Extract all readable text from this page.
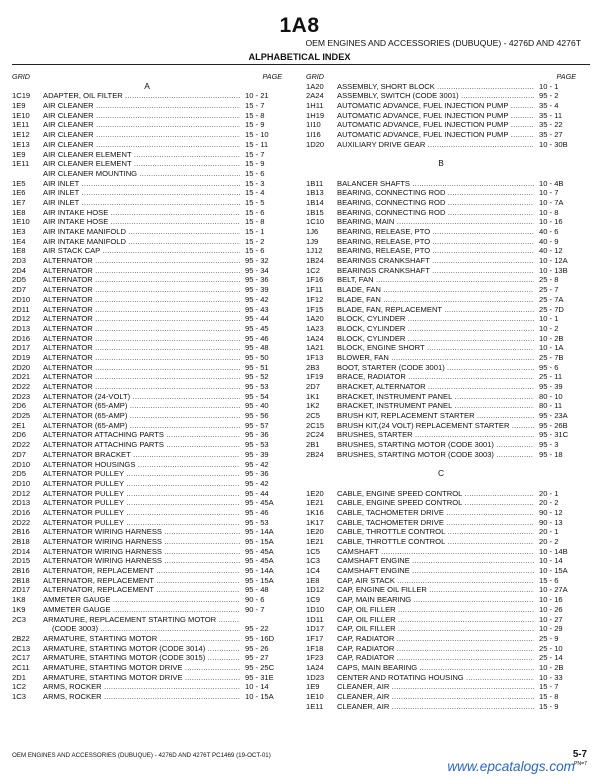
1A8
OEM ENGINES AND ACCESSORIES (DUBUQUE) - 4276D AND 4276T
ALPHABETICAL INDEX
GRID	PAGE
A
1C19	ADAPTER, OIL FILTER .....	10 - 21
1E9	AIR CLEANER .....	15 - 7
1E10	AIR CLEANER .....	15 - 8
1E11	AIR CLEANER .....	15 - 9
1E12	AIR CLEANER .....	15 - 10
1E13	AIR CLEANER .....	15 - 11
1E9	AIR CLEANER ELEMENT .....	15 - 7
1E11	AIR CLEANER ELEMENT .....	15 - 9
AIR CLEANER MOUNTING .....	15 - 6
1E5	AIR INLET .....	15 - 3
1E6	AIR INLET .....	15 - 4
1E7	AIR INLET .....	15 - 5
1E8	AIR INTAKE HOSE .....	15 - 6
1E10	AIR INTAKE HOSE .....	15 - 8
1E3	AIR INTAKE MANIFOLD .....	15 - 1
1E4	AIR INTAKE MANIFOLD .....	15 - 2
1E8	AIR STACK CAP .....	15 - 6
2D3	ALTERNATOR .....	95 - 32
2D4	ALTERNATOR .....	95 - 34
2D5	ALTERNATOR .....	95 - 36
2D7	ALTERNATOR .....	95 - 39
2D10	ALTERNATOR .....	95 - 42
2D11	ALTERNATOR .....	95 - 43
2D12	ALTERNATOR .....	95 - 44
2D13	ALTERNATOR .....	95 - 45
2D16	ALTERNATOR .....	95 - 46
2D17	ALTERNATOR .....	95 - 48
2D19	ALTERNATOR .....	95 - 50
2D20	ALTERNATOR .....	95 - 51
2D21	ALTERNATOR .....	95 - 52
2D22	ALTERNATOR .....	95 - 53
2D23	ALTERNATOR (24-VOLT) .....	95 - 54
2D6	ALTERNATOR (65-AMP) .....	95 - 40
2D25	ALTERNATOR (65-AMP) .....	95 - 56
2E1	ALTERNATOR (65-AMP) .....	95 - 57
2D6	ALTERNATOR ATTACHING PARTS .....	95 - 36
2D22	ALTERNATOR ATTACHING PARTS .....	95 - 53
2D7	ALTERNATOR BRACKET .....	95 - 39
2D10	ALTERNATOR HOUSINGS .....	95 - 42
2D5	ALTERNATOR PULLEY .....	95 - 36
2D10	ALTERNATOR PULLEY .....	95 - 42
2D12	ALTERNATOR PULLEY .....	95 - 44
2D13	ALTERNATOR PULLEY .....	95 - 45A
2D16	ALTERNATOR PULLEY .....	95 - 46
2D22	ALTERNATOR PULLEY .....	95 - 53
2B16	ALTERNATOR WIRING HARNESS .....	95 - 14A
2B18	ALTERNATOR WIRING HARNESS .....	95 - 15A
2D14	ALTERNATOR WIRING HARNESS .....	95 - 45A
2D15	ALTERNATOR WIRING HARNESS .....	95 - 45A
2B16	ALTERNATOR, REPLACEMENT .....	95 - 14A
2B18	ALTERNATOR, REPLACEMENT .....	95 - 15A
2D17	ALTERNATOR, REPLACEMENT .....	95 - 48
1K8	AMMETER GAUGE .....	90 - 6
1K9	AMMETER GAUGE .....	90 - 7
2C3	ARMATURE, REPLACEMENT STARTING MOTOR .....
(CODE 3003) .....	95 - 22
2B22	ARMATURE, STARTING MOTOR .....	95 - 16D
2C13	ARMATURE, STARTING MOTOR (CODE 3014) .....	95 - 26
2C17	ARMATURE, STARTING MOTOR (CODE 3015) .....	95 - 27
2C11	ARMATURE, STARTING MOTOR DRIVE .....	95 - 25C
2D1	ARMATURE, STARTING MOTOR DRIVE .....	95 - 31E
1C2	ARMS, ROCKER .....	10 - 14
1C3	ARMS, ROCKER .....	10 - 15A
GRID	PAGE
1A20	ASSEMBLY, SHORT BLOCK .....	10 - 1
2A24	ASSEMBLY, SWITCH (CODE 3001) .....	95 - 2
1H11	AUTOMATIC ADVANCE, FUEL INJECTION PUMP .....	35 - 4
1H19	AUTOMATIC ADVANCE, FUEL INJECTION PUMP .....	35 - 11
1I10	AUTOMATIC ADVANCE, FUEL INJECTION PUMP .....	35 - 22
1I16	AUTOMATIC ADVANCE, FUEL INJECTION PUMP .....	35 - 27
1D20	AUXILIARY DRIVE GEAR .....	10 - 30B
B
1B11	BALANCER SHAFTS .....	10 - 4B
1B13	BEARING, CONNECTING ROD .....	10 - 7
1B14	BEARING, CONNECTING ROD .....	10 - 7A
1B15	BEARING, CONNECTING ROD .....	10 - 8
1C10	BEARING, MAIN .....	10 - 16
1J6	BEARING, RELEASE, PTO .....	40 - 6
1J9	BEARING, RELEASE, PTO .....	40 - 9
1J12	BEARING, RELEASE, PTO .....	40 - 12
1B24	BEARINGS CRANKSHAFT .....	10 - 12A
1C2	BEARINGS CRANKSHAFT .....	10 - 13B
1F16	BELT, FAN .....	25 - 8
1F11	BLADE, FAN .....	25 - 7
1F12	BLADE, FAN .....	25 - 7A
1F15	BLADE, FAN, REPLACEMENT .....	25 - 7D
1A20	BLOCK, CYLINDER .....	10 - 1
1A23	BLOCK, CYLINDER .....	10 - 2
1A24	BLOCK, CYLINDER .....	10 - 2B
1A21	BLOCK, ENGINE SHORT .....	10 - 1A
1F13	BLOWER, FAN .....	25 - 7B
2B3	BOOT, STARTER (CODE 3001) .....	95 - 6
1F19	BRACE, RADIATOR .....	25 - 11
2D7	BRACKET, ALTERNATOR .....	95 - 39
1K1	BRACKET, INSTRUMENT PANEL .....	80 - 10
1K2	BRACKET, INSTRUMENT PANEL .....	80 - 11
2C5	BRUSH KIT, REPLACEMENT STARTER .....	95 - 23A
2C15	BRUSH KIT,(24 VOLT) REPLACEMENT STARTER .....	95 - 26B
2C24	BRUSHES, STARTER .....	95 - 31C
2B1	BRUSHES, STARTING MOTOR (CODE 3001) .....	95 - 3
2B24	BRUSHES, STARTING MOTOR (CODE 3003) .....	95 - 18
C
1E20	CABLE, ENGINE SPEED CONTROL .....	20 - 1
1E21	CABLE, ENGINE SPEED CONTROL .....	20 - 2
1K16	CABLE, TACHOMETER DRIVE .....	90 - 12
1K17	CABLE, TACHOMETER DRIVE .....	90 - 13
1E20	CABLE, THROTTLE CONTROL .....	20 - 1
1E21	CABLE, THROTTLE CONTROL .....	20 - 2
1C5	CAMSHAFT .....	10 - 14B
1C3	CAMSHAFT ENGINE .....	10 - 14
1C4	CAMSHAFT ENGINE .....	10 - 15A
1E8	CAP, AIR STACK .....	15 - 6
1D12	CAP, ENGINE OIL FILLER .....	10 - 27A
1C9	CAP, MAIN BEARING .....	10 - 16
1D10	CAP, OIL FILLER .....	10 - 26
1D11	CAP, OIL FILLER .....	10 - 27
1D17	CAP, OIL FILLER .....	10 - 29
1F17	CAP, RADIATOR .....	25 - 9
1F18	CAP, RADIATOR .....	25 - 10
1F23	CAP, RADIATOR .....	25 - 14
1A24	CAPS, MAIN BEARING .....	10 - 2B
1D23	CENTER AND ROTATING HOUSING .....	10 - 33
1E9	CLEANER, AIR .....	15 - 7
1E10	CLEANER, AIR .....	15 - 8
1E11	CLEANER, AIR .....	15 - 9
OEM ENGINES AND ACCESSORIES (DUBUQUE) - 4276D AND 4276T PC1469 (19-OCT-01)	5-7
PN=7
www.epcatalogs.com
